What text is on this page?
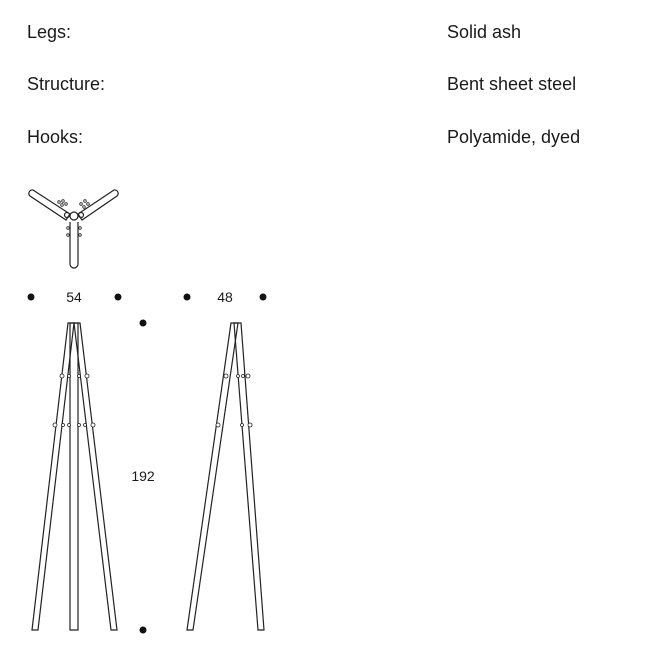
Legs:	Solid ash
Structure:	Bent sheet steel
Hooks:	Polyamide, dyed
54	48
192
